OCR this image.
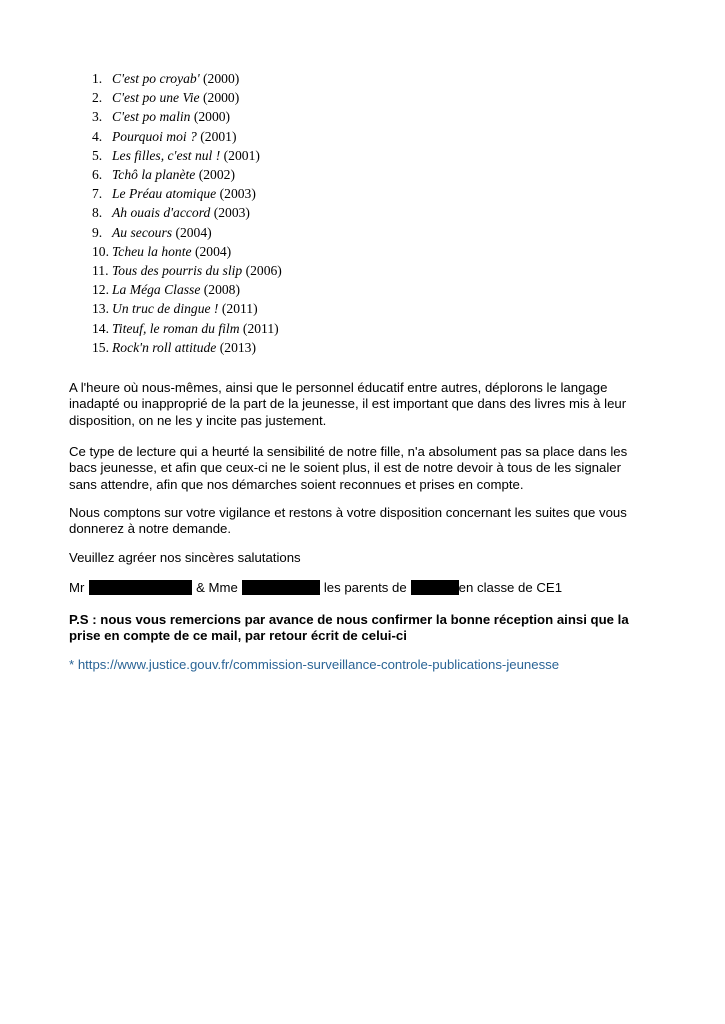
1. C'est po croyab'
(2000)
2. C'est po une Vie
(2000)
3. C'est po malin
(2000)
4. Pourquoi moi ?
(2001)
5. Les filles, c'est nul !
(2001)
6. Tchô la planète
(2002)
7. Le Préau atomique
(2003)
8. Ah ouais d'accord
(2003)
9. Au secours
(2004)
10. Tcheu la honte
(2004)
11. Tous des pourris du slip
(2006)
12. La Méga Classe
(2008)
13. Un truc de dingue !
(2011)
14. Titeuf, le roman du film
(2011)
15. Rock'n roll attitude
(2013)

A l'heure où nous-mêmes, ainsi que le personnel éducatif entre autres, déplorons le langage inadapté ou inapproprié de la part de la jeunesse, il est important que dans des livres mis à leur disposition, on ne les y incite pas justement.

Ce type de lecture qui a heurté la sensibilité de notre fille, n'a absolument pas sa place dans les bacs jeunesse, et afin que ceux-ci ne le soient plus, il est de notre devoir à tous de les signaler sans attendre, afin que nos démarches soient reconnues et prises en compte.

Nous comptons sur votre vigilance et restons à votre disposition concernant les suites que vous donnerez à notre demande.

Veuillez agréer nos sincères salutations

Mr	& Mme	les parents de	en classe de CE1

P.S : nous vous remercions par avance de nous confirmer la bonne réception ainsi que la prise en compte de ce mail, par retour écrit de celui-ci

* https://www.justice.gouv.fr/commission-surveillance-controle-publications-jeunesse
